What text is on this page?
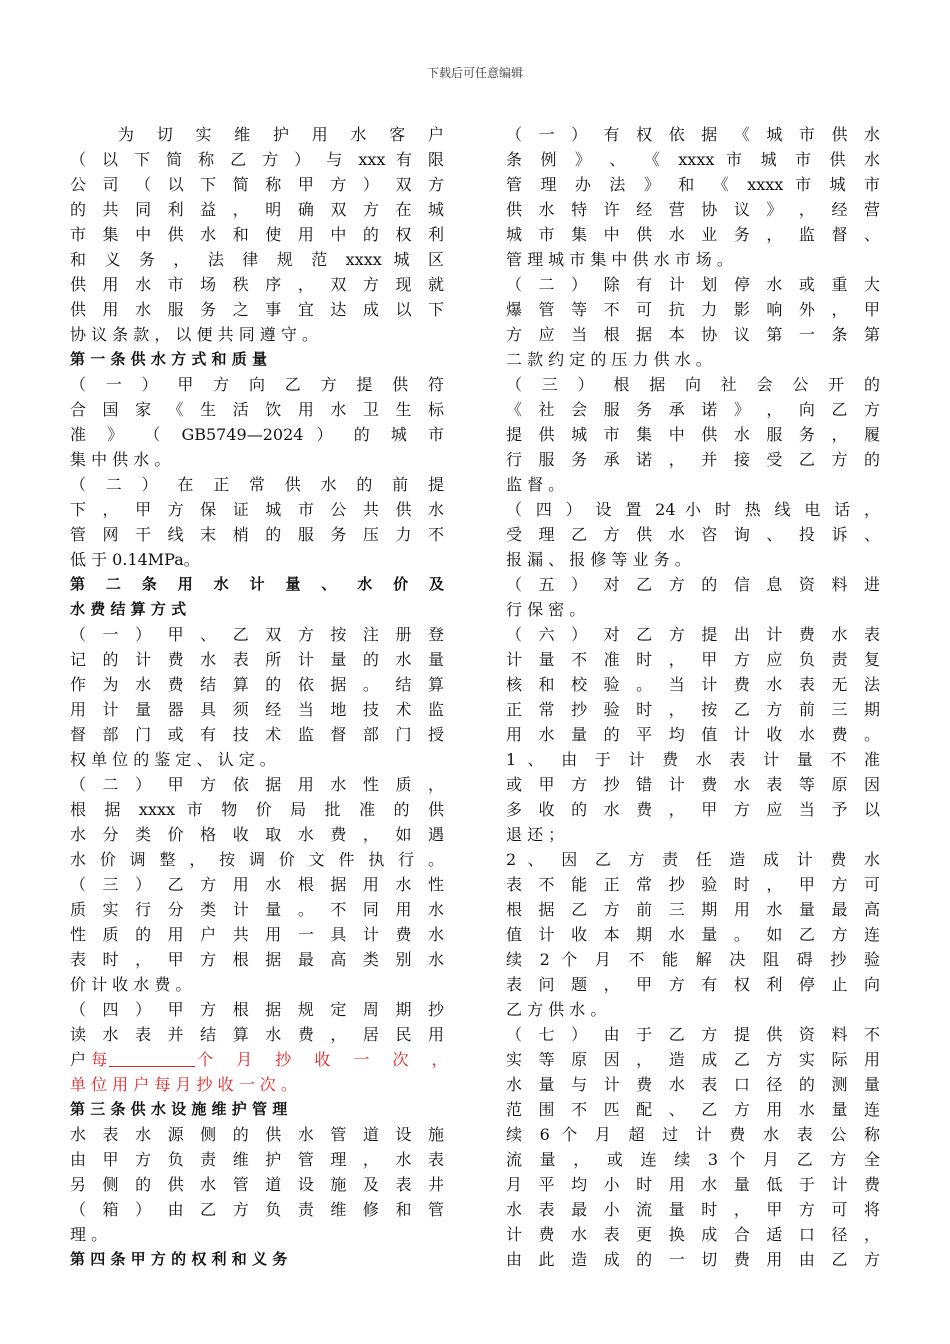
下载后可任意编辑
为 切 实 维 护 用 水 客 户
（ 以 下 简 称 乙 方 ） 与 xxx 有 限
公 司 （ 以 下 简 称 甲 方 ） 双 方
的 共 同 利 益 ， 明 确 双 方 在 城
市 集 中 供 水 和 使 用 中 的 权 利
和 义 务 ， 法 律 规 范 xxxx 城 区
供 用 水 市 场 秩 序 ， 双 方 现 就
供 用 水 服 务 之 事 宜 达 成 以 下
协 议 条 款 ， 以 便 共 同 遵 守 。
第 一 条 供 水 方 式 和 质 量
（ 一 ） 甲 方 向 乙 方 提 供 符
合 国 家 《 生 活 饮 用 水 卫 生 标
准 》 （ GB5749—2024 ） 的 城 市
集 中 供 水 。
（ 二 ） 在 正 常 供 水 的 前 提
下 ， 甲 方 保 证 城 市 公 共 供 水
管 网 干 线 末 梢 的 服 务 压 力 不
低 于 0.14MPa。
第 二 条 用 水 计 量 、 水 价 及
水 费 结 算 方 式
（ 一 ） 甲 、 乙 双 方 按 注 册 登
记 的 计 费 水 表 所 计 量 的 水 量
作 为 水 费 结 算 的 依 据 。 结 算
用 计 量 器 具 须 经 当 地 技 术 监
督 部 门 或 有 技 术 监 督 部 门 授
权 单 位 的 鉴 定 、 认 定 。
（ 二 ） 甲 方 依 据 用 水 性 质 ，
根 据 xxxx 市 物 价 局 批 准 的 供
水 分 类 价 格 收 取 水 费 ， 如 遇
水 价 调 整 ， 按 调 价 文 件 执 行 。
（ 三 ） 乙 方 用 水 根 据 用 水 性
质 实 行 分 类 计 量 。 不 同 用 水
性 质 的 用 户 共 用 一 具 计 费 水
表 时 ， 甲 方 根 据 最 高 类 别 水
价 计 收 水 费 。
（ 四 ） 甲 方 根 据 规 定 周 期 抄
读 水 表 并 结 算 水 费 ， 居 民 用
户 每	个 月 抄 收 一 次 ，
单 位 用 户 每 月 抄 收 一 次 。
第 三 条 供 水 设 施 维 护 管 理
水 表 水 源 侧 的 供 水 管 道 设 施
由 甲 方 负 责 维 护 管 理 ， 水 表
另 侧 的 供 水 管 道 设 施 及 表 井
（ 箱 ） 由 乙 方 负 责 维 修 和 管
理 。
第 四 条 甲 方 的 权 利 和 义 务
（ 一 ） 有 权 依 据 《 城 市 供 水
条 例 》 、 《 xxxx 市 城 市 供 水
管 理 办 法 》 和 《 xxxx 市 城 市
供 水 特 许 经 营 协 议 》 ， 经 营
城 市 集 中 供 水 业 务 ， 监 督 、
管 理 城 市 集 中 供 水 市 场 。
（ 二 ） 除 有 计 划 停 水 或 重 大
爆 管 等 不 可 抗 力 影 响 外 ， 甲
方 应 当 根 据 本 协 议 第 一 条 第
二 款 约 定 的 压 力 供 水 。
（ 三 ） 根 据 向 社 会 公 开 的
《 社 会 服 务 承 诺 》 ， 向 乙 方
提 供 城 市 集 中 供 水 服 务 ， 履
行 服 务 承 诺 ， 并 接 受 乙 方 的
监 督 。
（ 四 ） 设 置 24 小 时 热 线 电 话 ，
受 理 乙 方 供 水 咨 询 、 投 诉 、
报 漏 、 报 修 等 业 务 。
（ 五 ） 对 乙 方 的 信 息 资 料 进
行 保 密 。
（ 六 ） 对 乙 方 提 出 计 费 水 表
计 量 不 准 时 ， 甲 方 应 负 责 复
核 和 校 验 。 当 计 费 水 表 无 法
正 常 抄 验 时 ， 按 乙 方 前 三 期
用 水 量 的 平 均 值 计 收 水 费 。
1 、 由 于 计 费 水 表 计 量 不 准
或 甲 方 抄 错 计 费 水 表 等 原 因
多 收 的 水 费 ， 甲 方 应 当 予 以
退 还 ；
2 、 因 乙 方 责 任 造 成 计 费 水
表 不 能 正 常 抄 验 时 ， 甲 方 可
根 据 乙 方 前 三 期 用 水 量 最 高
值 计 收 本 期 水 量 。 如 乙 方 连
续 2 个 月 不 能 解 决 阻 碍 抄 验
表 问 题 ， 甲 方 有 权 利 停 止 向
乙 方 供 水 。
（ 七 ） 由 于 乙 方 提 供 资 料 不
实 等 原 因 ， 造 成 乙 方 实 际 用
水 量 与 计 费 水 表 口 径 的 测 量
范 围 不 匹 配 、 乙 方 用 水 量 连
续 6 个 月 超 过 计 费 水 表 公 称
流 量 ， 或 连 续 3 个 月 乙 方 全
月 平 均 小 时 用 水 量 低 于 计 费
水 表 最 小 流 量 时 ， 甲 方 可 将
计 费 水 表 更 换 成 合 适 口 径 ，
由 此 造 成 的 一 切 费 用 由 乙 方
